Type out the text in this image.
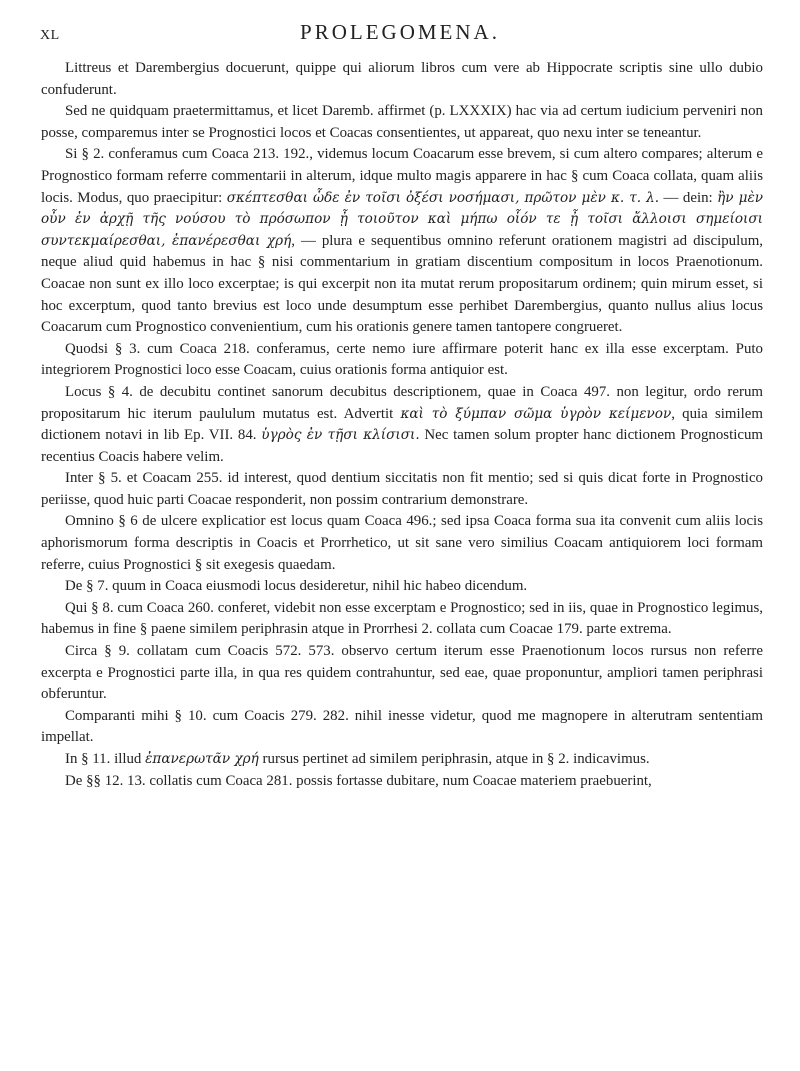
XL	PROLEGOMENA.

Littreus et Darembergius docuerunt, quippe qui aliorum libros cum vere ab Hippocrate scriptis sine ullo dubio confuderunt.

Sed ne quidquam praetermittamus, et licet Daremb. affirmet (p. LXXXIX) hac via ad certum iudicium perveniri non posse, comparemus inter se Prognostici locos et Coacas consentientes, ut appareat, quo nexu inter se teneantur.

Si § 2. conferamus cum Coaca 213. 192., videmus locum Coacarum esse brevem, si cum altero compares; alterum e Prognostico formam referre commentarii in alterum, idque multo magis apparere in hac § cum Coaca collata, quam aliis locis. Modus, quo praecipitur: σκέπτεσθαι ὧδε ἐν τοῖσι ὀξέσι νοσήμασι, πρῶτον μὲν κ. τ. λ. — dein: ἢν μὲν οὖν ἐν ἀρχῇ τῆς νούσου τὸ πρόσωπον ᾖ τοιοῦτον καὶ μήπω οἷόν τε ᾖ τοῖσι ἄλλοισι σημείοισι συντεκμαίρεσθαι, ἐπανέρεσθαι χρή, — plura e sequentibus omnino referunt orationem magistri ad discipulum, neque aliud quid habemus in hac § nisi commentarium in gratiam discentium compositum in locos Praenotionum. Coacae non sunt ex illo loco excerptae; is qui excerpit non ita mutat rerum propositarum ordinem; quin mirum esset, si hoc excerptum, quod tanto brevius est loco unde desumptum esse perhibet Darembergius, quanto nullus alius locus Coacarum cum Prognostico convenientium, cum his orationis genere tamen tantopere congrueret.

Quodsi § 3. cum Coaca 218. conferamus, certe nemo iure affirmare poterit hanc ex illa esse excerptam. Puto integriorem Prognostici loco esse Coacam, cuius orationis forma antiquior est.

Locus § 4. de decubitu continet sanorum decubitus descriptionem, quae in Coaca 497. non legitur, ordo rerum propositarum hic iterum paululum mutatus est. Advertit καὶ τὸ ξύμπαν σῶμα ὑγρὸν κείμενον, quia similem dictionem notavi in lib Ep. VII. 84. ὑγρὸς ἐν τῇσι κλίσισι. Nec tamen solum propter hanc dictionem Prognosticum recentius Coacis habere velim.

Inter § 5. et Coacam 255. id interest, quod dentium siccitatis non fit mentio; sed si quis dicat forte in Prognostico periisse, quod huic parti Coacae responderit, non possim contrarium demonstrare.

Omnino § 6 de ulcere explicatior est locus quam Coaca 496.; sed ipsa Coaca forma sua ita convenit cum aliis locis aphorismorum forma descriptis in Coacis et Prorrhetico, ut sit sane vero similius Coacam antiquiorem loci formam referre, cuius Prognostici § sit exegesis quaedam.

De § 7. quum in Coaca eiusmodi locus desideretur, nihil hic habeo dicendum.

Qui § 8. cum Coaca 260. conferet, videbit non esse excerptam e Prognostico; sed in iis, quae in Prognostico legimus, habemus in fine § paene similem periphrasin atque in Prorrhesi 2. collata cum Coacae 179. parte extrema.

Circa § 9. collatam cum Coacis 572. 573. observo certum iterum esse Praenotionum locos rursus non referre excerpta e Prognostici parte illa, in qua res quidem contrahuntur, sed eae, quae proponuntur, ampliori tamen periphrasi obferuntur.

Comparanti mihi § 10. cum Coacis 279. 282. nihil inesse videtur, quod me magnopere in alterutram sententiam impellat.

In § 11. illud ἐπανερωτᾶν χρή rursus pertinet ad similem periphrasin, atque in § 2. indicavimus.

De §§ 12. 13. collatis cum Coaca 281. possis fortasse dubitare, num Coacae materiem praebuerint,
